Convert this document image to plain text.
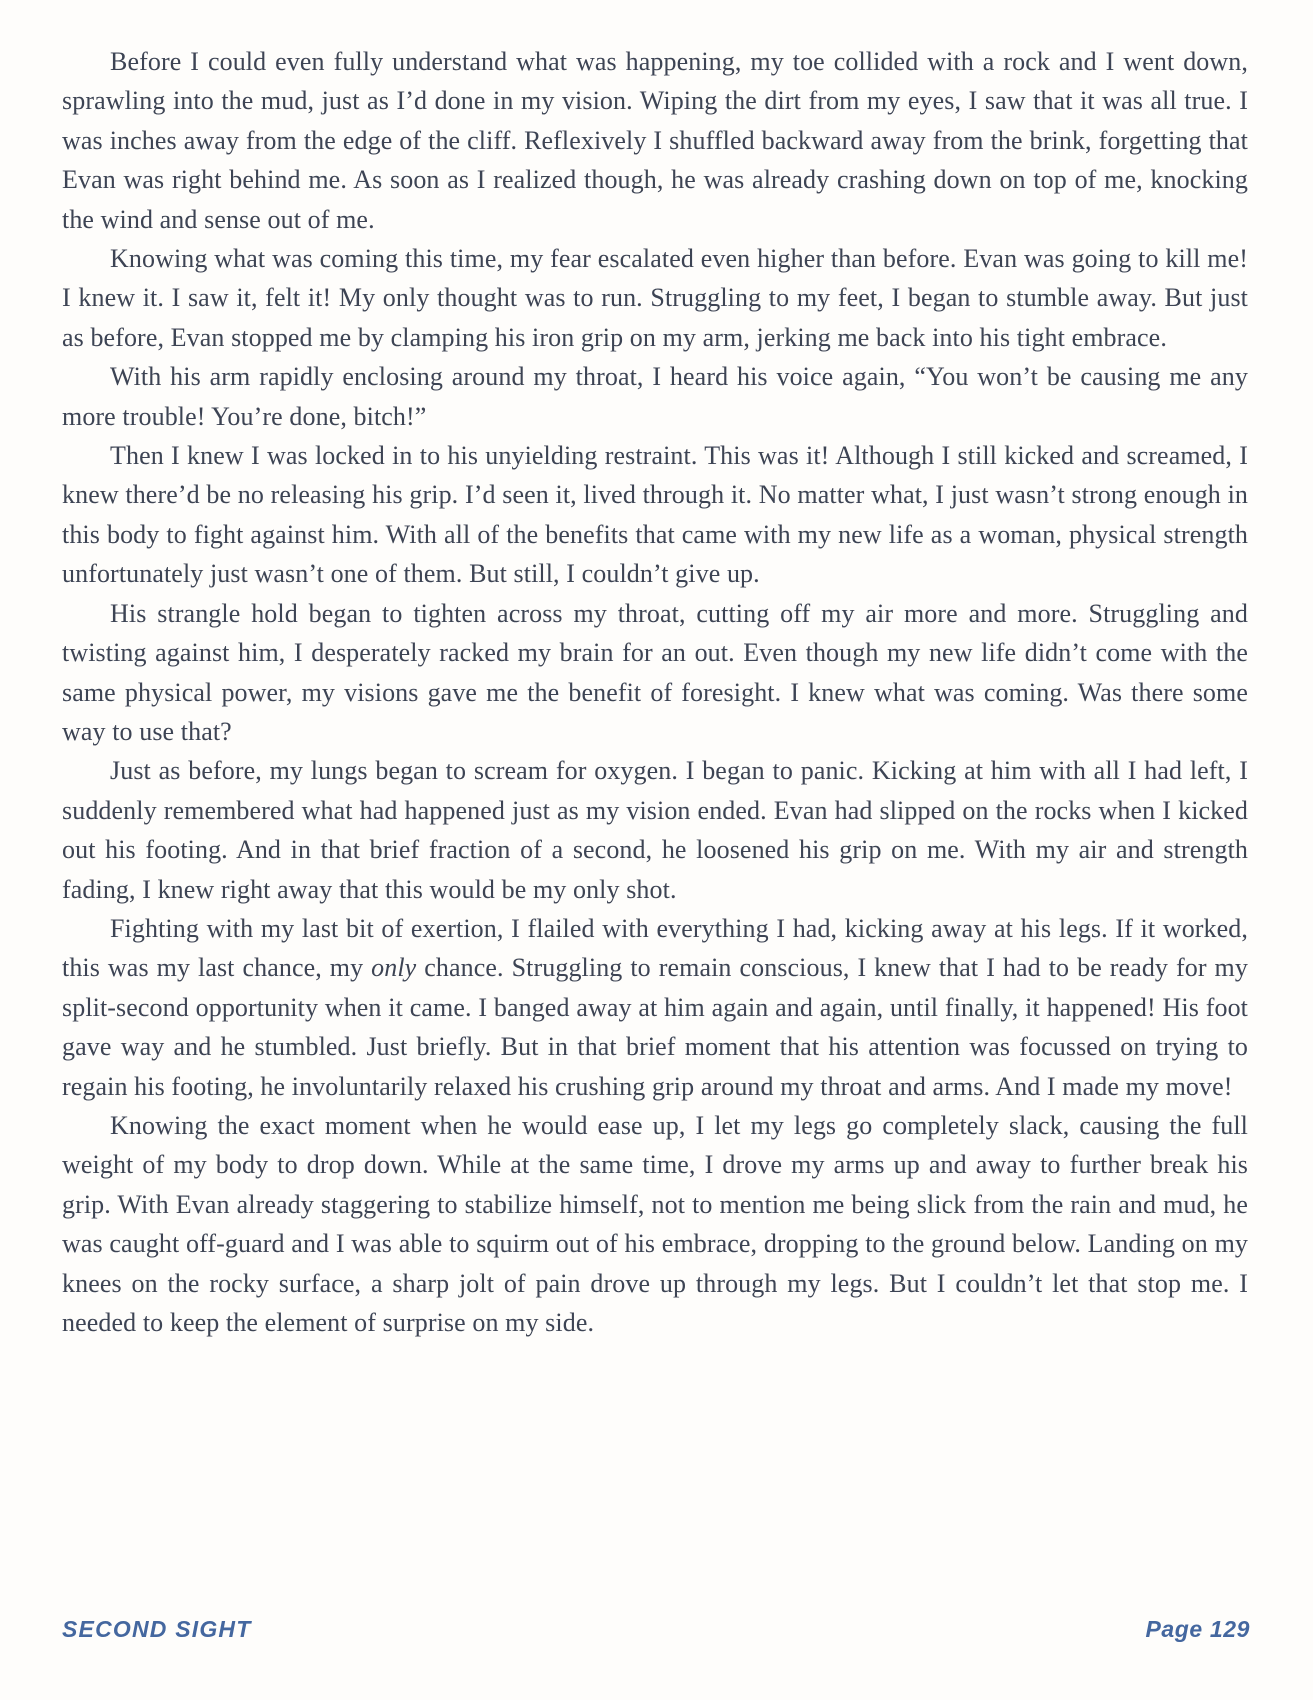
Before I could even fully understand what was happening, my toe collided with a rock and I went down, sprawling into the mud, just as I’d done in my vision. Wiping the dirt from my eyes, I saw that it was all true. I was inches away from the edge of the cliff. Reflexively I shuffled backward away from the brink, forgetting that Evan was right behind me. As soon as I realized though, he was already crashing down on top of me, knocking the wind and sense out of me.

Knowing what was coming this time, my fear escalated even higher than before. Evan was going to kill me! I knew it. I saw it, felt it! My only thought was to run. Struggling to my feet, I began to stumble away. But just as before, Evan stopped me by clamping his iron grip on my arm, jerking me back into his tight embrace.

With his arm rapidly enclosing around my throat, I heard his voice again, “You won’t be causing me any more trouble! You’re done, bitch!”

Then I knew I was locked in to his unyielding restraint. This was it! Although I still kicked and screamed, I knew there’d be no releasing his grip. I’d seen it, lived through it. No matter what, I just wasn’t strong enough in this body to fight against him. With all of the benefits that came with my new life as a woman, physical strength unfortunately just wasn’t one of them. But still, I couldn’t give up.

His strangle hold began to tighten across my throat, cutting off my air more and more. Struggling and twisting against him, I desperately racked my brain for an out. Even though my new life didn’t come with the same physical power, my visions gave me the benefit of foresight. I knew what was coming. Was there some way to use that?

Just as before, my lungs began to scream for oxygen. I began to panic. Kicking at him with all I had left, I suddenly remembered what had happened just as my vision ended. Evan had slipped on the rocks when I kicked out his footing. And in that brief fraction of a second, he loosened his grip on me. With my air and strength fading, I knew right away that this would be my only shot.

Fighting with my last bit of exertion, I flailed with everything I had, kicking away at his legs. If it worked, this was my last chance, my only chance. Struggling to remain conscious, I knew that I had to be ready for my split-second opportunity when it came. I banged away at him again and again, until finally, it happened! His foot gave way and he stumbled. Just briefly. But in that brief moment that his attention was focussed on trying to regain his footing, he involuntarily relaxed his crushing grip around my throat and arms. And I made my move!

Knowing the exact moment when he would ease up, I let my legs go completely slack, causing the full weight of my body to drop down. While at the same time, I drove my arms up and away to further break his grip. With Evan already staggering to stabilize himself, not to mention me being slick from the rain and mud, he was caught off-guard and I was able to squirm out of his embrace, dropping to the ground below. Landing on my knees on the rocky surface, a sharp jolt of pain drove up through my legs. But I couldn’t let that stop me. I needed to keep the element of surprise on my side.

SECOND SIGHT	Page 129
